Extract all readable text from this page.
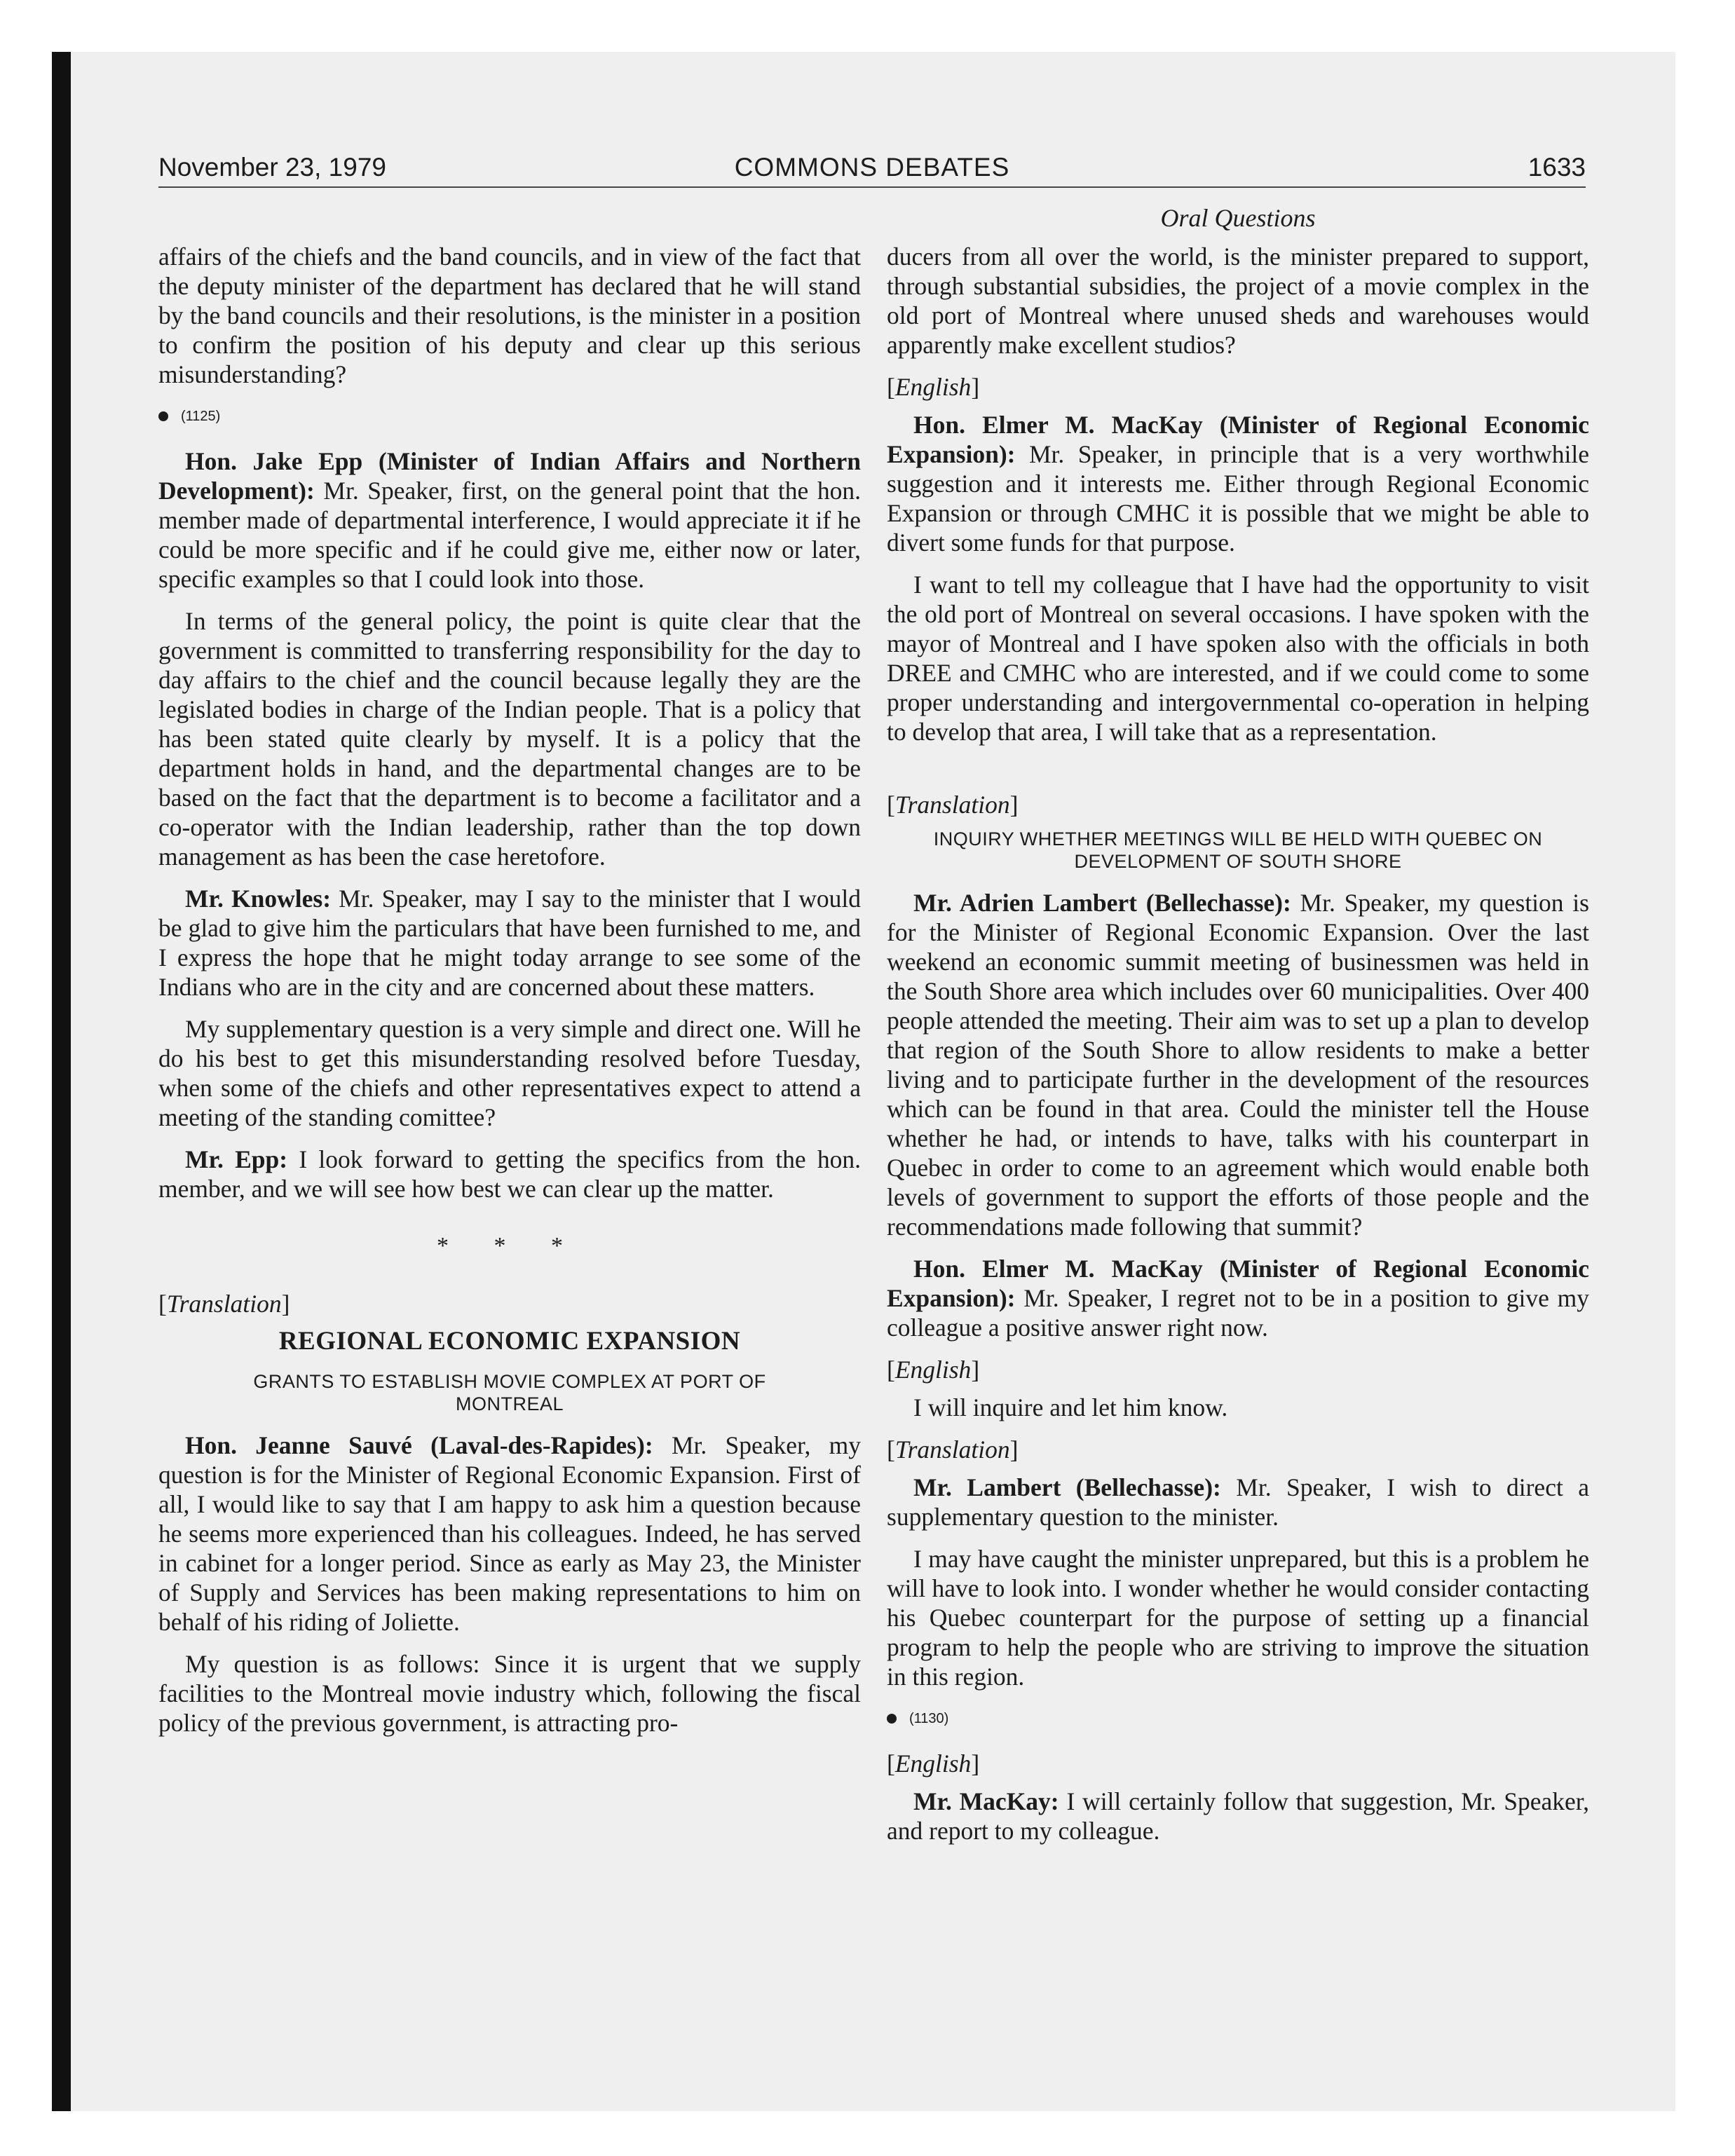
November 23, 1979	COMMONS DEBATES	1633
Oral Questions

affairs of the chiefs and the band councils, and in view of the fact that the deputy minister of the department has declared that he will stand by the band councils and their resolutions, is the minister in a position to confirm the position of his deputy and clear up this serious misunderstanding?

(1125)

Hon. Jake Epp (Minister of Indian Affairs and Northern Development): Mr. Speaker, first, on the general point that the hon. member made of departmental interference, I would appreciate it if he could be more specific and if he could give me, either now or later, specific examples so that I could look into those.

In terms of the general policy, the point is quite clear that the government is committed to transferring responsibility for the day to day affairs to the chief and the council because legally they are the legislated bodies in charge of the Indian people. That is a policy that has been stated quite clearly by myself. It is a policy that the department holds in hand, and the departmental changes are to be based on the fact that the department is to become a facilitator and a co-operator with the Indian leadership, rather than the top down management as has been the case heretofore.

Mr. Knowles: Mr. Speaker, may I say to the minister that I would be glad to give him the particulars that have been furnished to me, and I express the hope that he might today arrange to see some of the Indians who are in the city and are concerned about these matters.

My supplementary question is a very simple and direct one. Will he do his best to get this misunderstanding resolved before Tuesday, when some of the chiefs and other representatives expect to attend a meeting of the standing comittee?

Mr. Epp: I look forward to getting the specifics from the hon. member, and we will see how best we can clear up the matter.

* * *
[Translation]
REGIONAL ECONOMIC EXPANSION
GRANTS TO ESTABLISH MOVIE COMPLEX AT PORT OF MONTREAL

Hon. Jeanne Sauvé (Laval-des-Rapides): Mr. Speaker, my question is for the Minister of Regional Economic Expansion. First of all, I would like to say that I am happy to ask him a question because he seems more experienced than his colleagues. Indeed, he has served in cabinet for a longer period. Since as early as May 23, the Minister of Supply and Services has been making representations to him on behalf of his riding of Joliette.

My question is as follows: Since it is urgent that we supply facilities to the Montreal movie industry which, following the fiscal policy of the previous government, is attracting pro-

ducers from all over the world, is the minister prepared to support, through substantial subsidies, the project of a movie complex in the old port of Montreal where unused sheds and warehouses would apparently make excellent studios?

[English]

Hon. Elmer M. MacKay (Minister of Regional Economic Expansion): Mr. Speaker, in principle that is a very worthwhile suggestion and it interests me. Either through Regional Economic Expansion or through CMHC it is possible that we might be able to divert some funds for that purpose.

I want to tell my colleague that I have had the opportunity to visit the old port of Montreal on several occasions. I have spoken with the mayor of Montreal and I have spoken also with the officials in both DREE and CMHC who are interested, and if we could come to some proper understanding and intergovernmental co-operation in helping to develop that area, I will take that as a representation.

[Translation]
INQUIRY WHETHER MEETINGS WILL BE HELD WITH QUEBEC ON DEVELOPMENT OF SOUTH SHORE

Mr. Adrien Lambert (Bellechasse): Mr. Speaker, my question is for the Minister of Regional Economic Expansion. Over the last weekend an economic summit meeting of businessmen was held in the South Shore area which includes over 60 municipalities. Over 400 people attended the meeting. Their aim was to set up a plan to develop that region of the South Shore to allow residents to make a better living and to participate further in the development of the resources which can be found in that area. Could the minister tell the House whether he had, or intends to have, talks with his counterpart in Quebec in order to come to an agreement which would enable both levels of government to support the efforts of those people and the recommendations made following that summit?

Hon. Elmer M. MacKay (Minister of Regional Economic Expansion): Mr. Speaker, I regret not to be in a position to give my colleague a positive answer right now.

[English]

I will inquire and let him know.

[Translation]

Mr. Lambert (Bellechasse): Mr. Speaker, I wish to direct a supplementary question to the minister.

I may have caught the minister unprepared, but this is a problem he will have to look into. I wonder whether he would consider contacting his Quebec counterpart for the purpose of setting up a financial program to help the people who are striving to improve the situation in this region.

(1130)
[English]

Mr. MacKay: I will certainly follow that suggestion, Mr. Speaker, and report to my colleague.
